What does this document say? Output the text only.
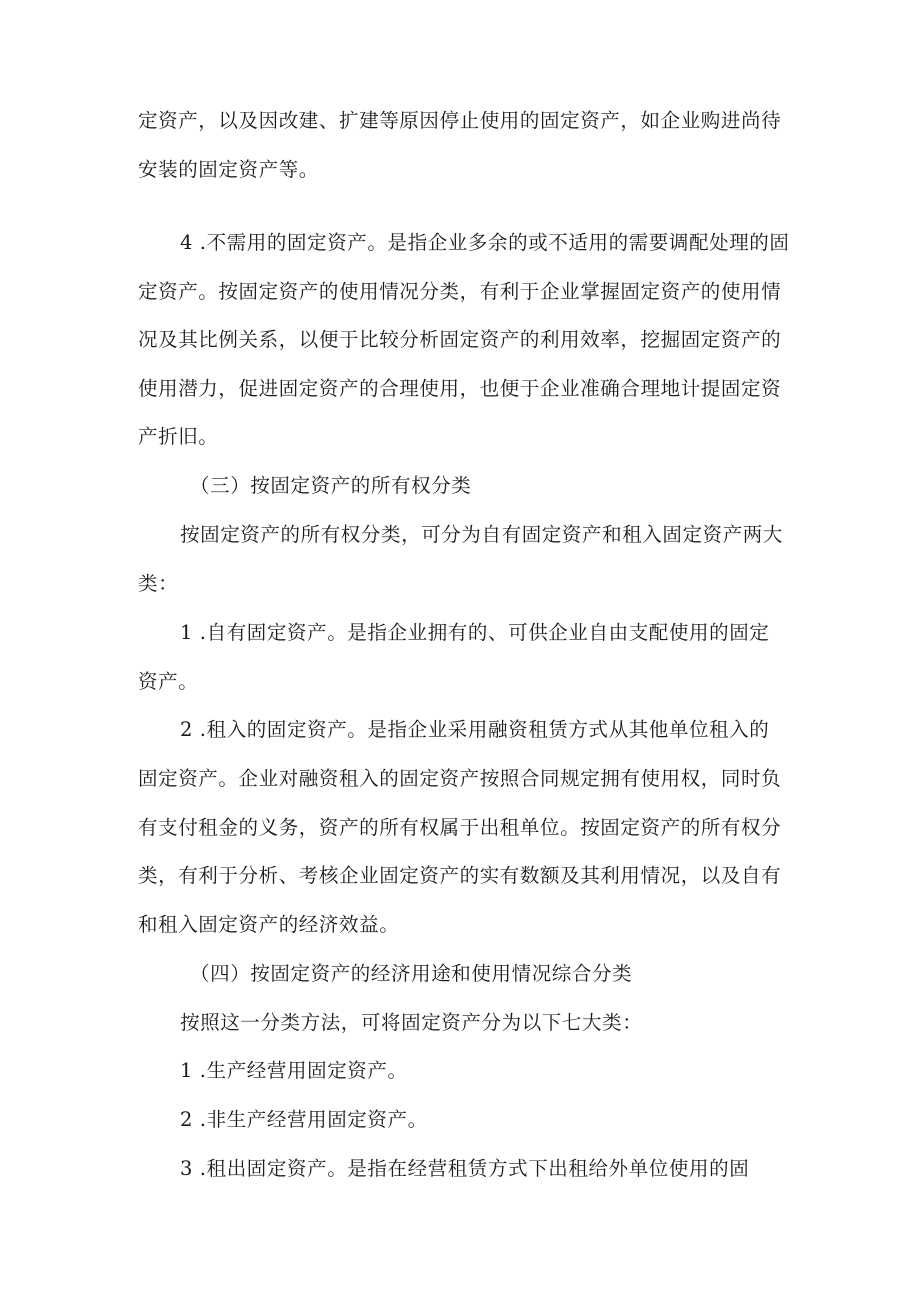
定资产，以及因改建、扩建等原因停止使用的固定资产，如企业购进尚待
安装的固定资产等。
4 .不需用的固定资产。是指企业多余的或不适用的需要调配处理的固
定资产。按固定资产的使用情况分类，有利于企业掌握固定资产的使用情
况及其比例关系，以便于比较分析固定资产的利用效率，挖掘固定资产的
使用潜力，促进固定资产的合理使用，也便于企业准确合理地计提固定资
产折旧。
（三）按固定资产的所有权分类
按固定资产的所有权分类，可分为自有固定资产和租入固定资产两大
类：
1 .自有固定资产。是指企业拥有的、可供企业自由支配使用的固定
资产。
2 .租入的固定资产。是指企业采用融资租赁方式从其他单位租入的
固定资产。企业对融资租入的固定资产按照合同规定拥有使用权，同时负
有支付租金的义务，资产的所有权属于出租单位。按固定资产的所有权分
类，有利于分析、考核企业固定资产的实有数额及其利用情况，以及自有
和租入固定资产的经济效益。
（四）按固定资产的经济用途和使用情况综合分类
按照这一分类方法，可将固定资产分为以下七大类：
1 .生产经营用固定资产。
2 .非生产经营用固定资产。
3 .租出固定资产。是指在经营租赁方式下出租给外单位使用的固
